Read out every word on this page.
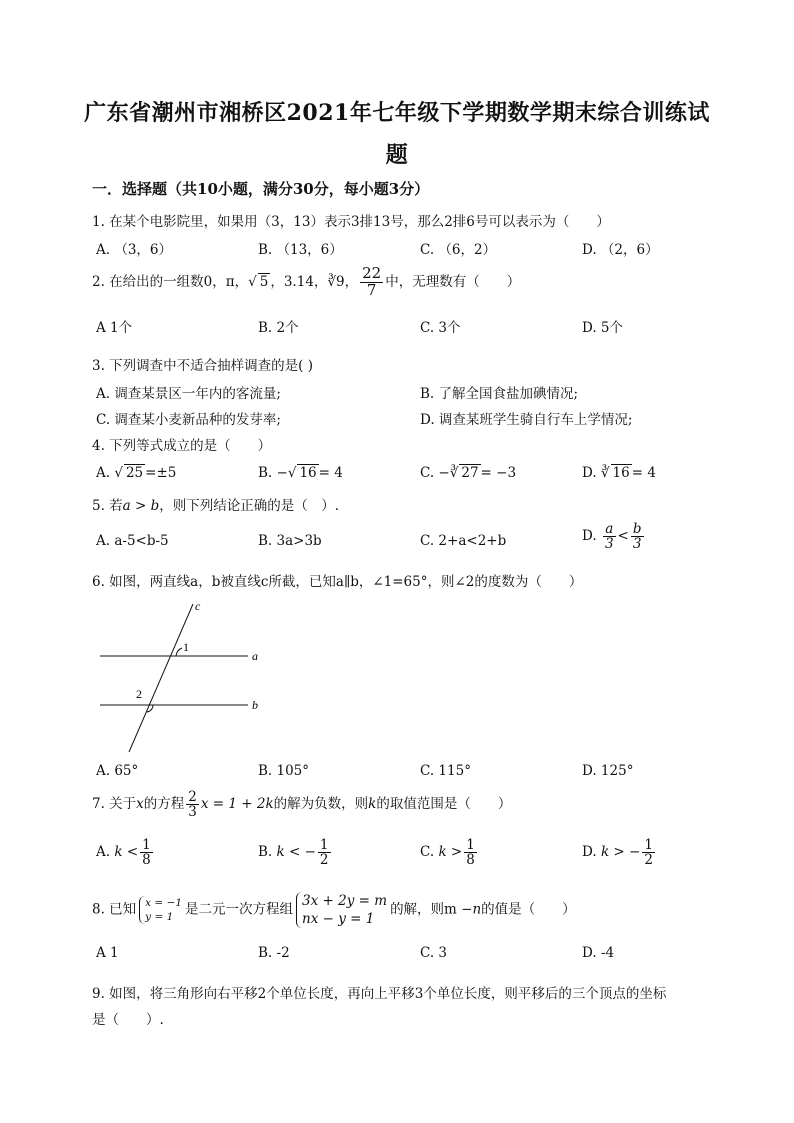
广东省潮州市湘桥区2021年七年级下学期数学期末综合训练试
题
一．选择题（共10小题，满分30分，每小题3分）
1. 在某个电影院里，如果用（3，13）表示3排13号，那么2排6号可以表示为（　　）
A. （3，6）	B. （13，6）	C. （6，2）	D. （2，6）
2. 在给出的一组数0，π，√ 5 ，3.14，∛9， $\frac{22}{7}$ 中，无理数有（　　）
A 1个	B. 2个	C. 3个	D. 5个
3. 下列调查中不适合抽样调查的是( )
A. 调查某景区一年内的客流量;	B. 了解全国食盐加碘情况;
C. 调查某小麦新品种的发芽率;	D. 调查某班学生骑自行车上学情况;
4. 下列等式成立的是（　　）
A. √ 25 =±5	B. −√ 16 = 4	C. −∛ 27 = −3	D. ∛ 16 = 4
5. 若a > b，则下列结论正确的是（　）.
A. a-5<b-5	B. 3a>3b	C. 2+a<2+b	D. $\frac{a}{3} < \frac{b}{3}$
6. 如图，两直线a，b被直线c所截，已知a∥b，∠1=65°，则∠2的度数为（　　）
c
a
b
1
2
A. 65°	B. 105°	C. 115°	D. 125°
7. 关于x的方程 $\frac{2}{3}$ x = 1 + 2k的解为负数，则k的取值范围是（　　）
A. $k < \frac{1}{8}$	B. k < − $\frac{1}{2}$	C. $k > \frac{1}{8}$	D. k > − $\frac{1}{2}$
8. 已知 x = −1
y = 1 是二元一次方程组3x + 2y = m
nx − y = 1的解，则m −n的值是（　　）
A 1	B. -2	C. 3	D. -4
9. 如图，将三角形向右平移2个单位长度，再向上平移3个单位长度，则平移后的三个顶点的坐标
是（　　）.
